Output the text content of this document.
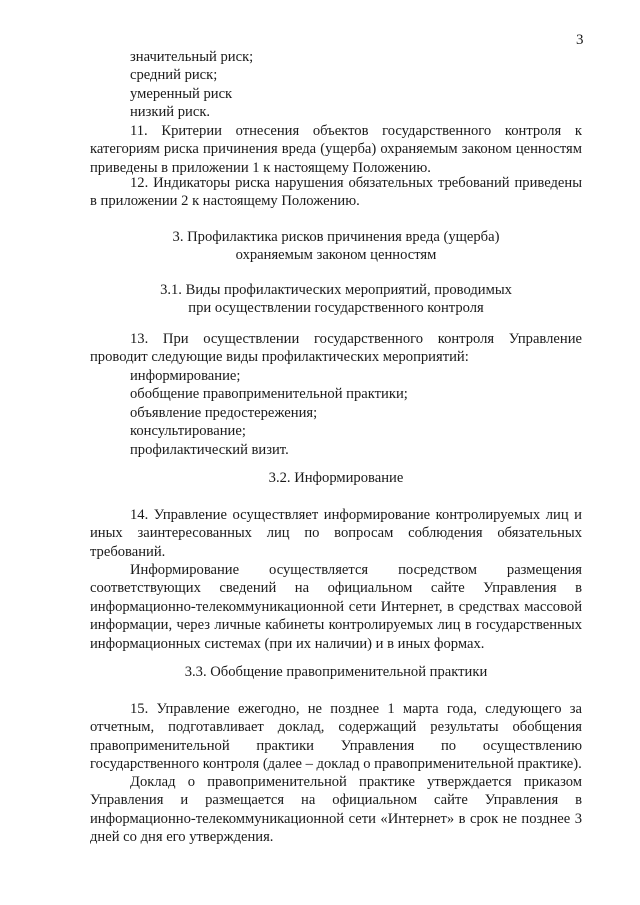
3
значительный риск;
средний риск;
умеренный риск
низкий риск.

11. Критерии отнесения объектов государственного контроля к категориям риска причинения вреда (ущерба) охраняемым законом ценностям приведены в приложении 1 к настоящему Положению.

12. Индикаторы риска нарушения обязательных требований приведены в приложении 2 к настоящему Положению.

3. Профилактика рисков причинения вреда (ущерба)
охраняемым законом ценностям
3.1. Виды профилактических мероприятий, проводимых
при осуществлении государственного контроля

13. При осуществлении государственного контроля Управление проводит следующие виды профилактических мероприятий:

информирование;
обобщение правоприменительной практики;
объявление предостережения;
консультирование;
профилактический визит.

3.2. Информирование

14. Управление осуществляет информирование контролируемых лиц и иных заинтересованных лиц по вопросам соблюдения обязательных требований.

Информирование осуществляется посредством размещения соответствующих сведений на официальном сайте Управления в информационно-телекоммуникационной сети Интернет, в средствах массовой информации, через личные кабинеты контролируемых лиц в государственных информационных системах (при их наличии) и в иных формах.

3.3. Обобщение правоприменительной практики

15. Управление ежегодно, не позднее 1 марта года, следующего за отчетным, подготавливает доклад, содержащий результаты обобщения правоприменительной практики Управления по осуществлению государственного контроля (далее – доклад о правоприменительной практике).

Доклад о правоприменительной практике утверждается приказом Управления и размещается на официальном сайте Управления в информационно-телекоммуникационной сети «Интернет» в срок не позднее 3 дней со дня его утверждения.
